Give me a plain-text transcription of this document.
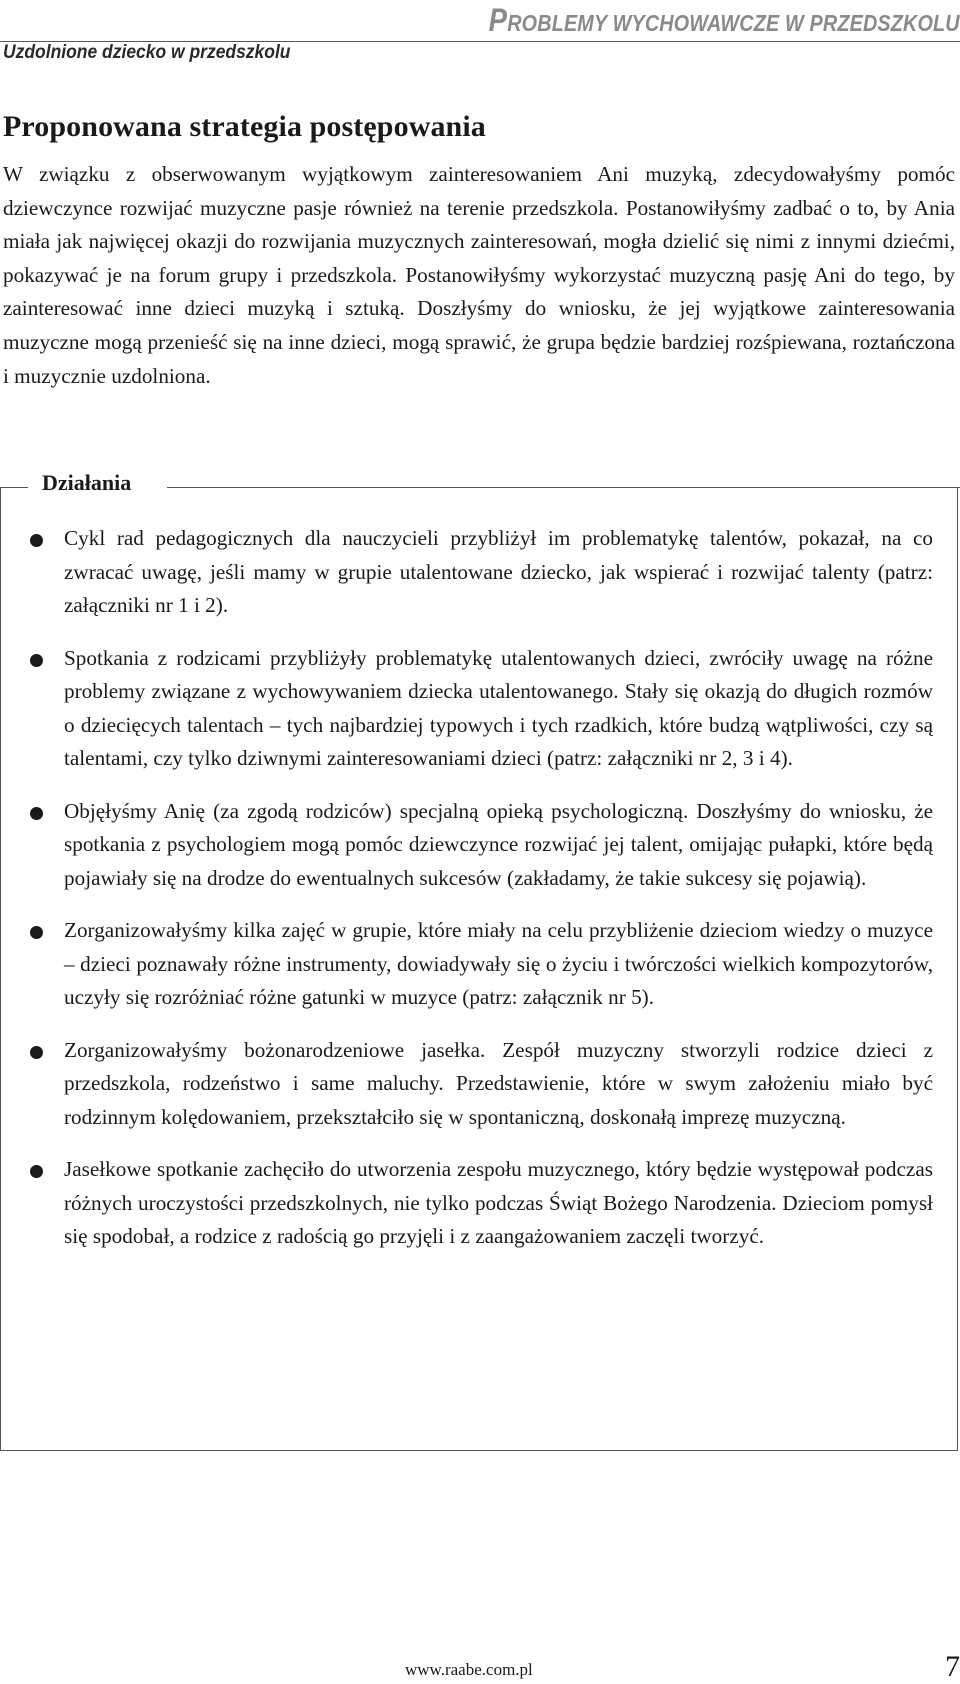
PROBLEMY WYCHOWAWCZE W PRZEDSZKOLU
Uzdolnione dziecko w przedszkolu
Proponowana strategia postępowania

W związku z obserwowanym wyjątkowym zainteresowaniem Ani muzyką, zdecydowałyśmy pomóc dziewczynce rozwijać muzyczne pasje również na terenie przedszkola. Postanowiłyśmy zadbać o to, by Ania miała jak najwięcej okazji do rozwijania muzycznych zainteresowań, mogła dzielić się nimi z innymi dziećmi, pokazywać je na forum grupy i przedszkola. Postanowiłyśmy wykorzystać muzyczną pasję Ani do tego, by zainteresować inne dzieci muzyką i sztuką. Doszłyśmy do wniosku, że jej wyjątkowe zainteresowania muzyczne mogą przenieść się na inne dzieci, mogą sprawić, że grupa będzie bardziej rozśpiewana, roztańczona i muzycznie uzdolniona.

Działania
Cykl rad pedagogicznych dla nauczycieli przybliżył im problematykę talentów, pokazał, na co zwracać uwagę, jeśli mamy w grupie utalentowane dziecko, jak wspierać i rozwijać talenty (patrz: załączniki nr 1 i 2).
Spotkania z rodzicami przybliżyły problematykę utalentowanych dzieci, zwróciły uwagę na różne problemy związane z wychowywaniem dziecka utalentowanego. Stały się okazją do długich rozmów o dziecięcych talentach – tych najbardziej typowych i tych rzadkich, które budzą wątpliwości, czy są talentami, czy tylko dziwnymi zainteresowaniami dzieci (patrz: załączniki nr 2, 3 i 4).
Objęłyśmy Anię (za zgodą rodziców) specjalną opieką psychologiczną. Doszłyśmy do wniosku, że spotkania z psychologiem mogą pomóc dziewczynce rozwijać jej talent, omijając pułapki, które będą pojawiały się na drodze do ewentualnych sukcesów (zakładamy, że takie sukcesy się pojawią).
Zorganizowałyśmy kilka zajęć w grupie, które miały na celu przybliżenie dzieciom wiedzy o muzyce – dzieci poznawały różne instrumenty, dowiadywały się o życiu i twórczości wielkich kompozytorów, uczyły się rozróżniać różne gatunki w muzyce (patrz: załącznik nr 5).
Zorganizowałyśmy bożonarodzeniowe jasełka. Zespół muzyczny stworzyli rodzice dzieci z przedszkola, rodzeństwo i same maluchy. Przedstawienie, które w swym założeniu miało być rodzinnym kolędowaniem, przekształciło się w spontaniczną, doskonałą imprezę muzyczną.
Jasełkowe spotkanie zachęciło do utworzenia zespołu muzycznego, który będzie występował podczas różnych uroczystości przedszkolnych, nie tylko podczas Świąt Bożego Narodzenia. Dzieciom pomysł się spodobał, a rodzice z radością go przyjęli i z zaangażowaniem zaczęli tworzyć.
www.raabe.com.pl	7
